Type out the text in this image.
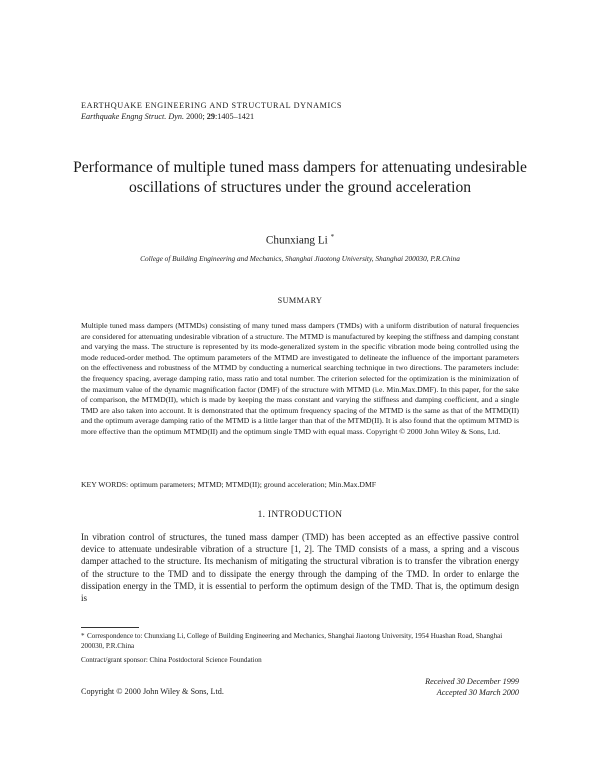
EARTHQUAKE ENGINEERING AND STRUCTURAL DYNAMICS
Earthquake Engng Struct. Dyn. 2000; 29:1405–1421
Performance of multiple tuned mass dampers for attenuating undesirable oscillations of structures under the ground acceleration
Chunxiang Li *
College of Building Engineering and Mechanics, Shanghai Jiaotong University, Shanghai 200030, P.R.China
SUMMARY

Multiple tuned mass dampers (MTMDs) consisting of many tuned mass dampers (TMDs) with a uniform distribution of natural frequencies are considered for attenuating undesirable vibration of a structure. The MTMD is manufactured by keeping the stiffness and damping constant and varying the mass. The structure is represented by its mode-generalized system in the specific vibration mode being controlled using the mode reduced-order method. The optimum parameters of the MTMD are investigated to delineate the influence of the important parameters on the effectiveness and robustness of the MTMD by conducting a numerical searching technique in two directions. The parameters include: the frequency spacing, average damping ratio, mass ratio and total number. The criterion selected for the optimization is the minimization of the maximum value of the dynamic magnification factor (DMF) of the structure with MTMD (i.e. Min.Max.DMF). In this paper, for the sake of comparison, the MTMD(II), which is made by keeping the mass constant and varying the stiffness and damping coefficient, and a single TMD are also taken into account. It is demonstrated that the optimum frequency spacing of the MTMD is the same as that of the MTMD(II) and the optimum average damping ratio of the MTMD is a little larger than that of the MTMD(II). It is also found that the optimum MTMD is more effective than the optimum MTMD(II) and the optimum single TMD with equal mass. Copyright © 2000 John Wiley & Sons, Ltd.

KEY WORDS: optimum parameters; MTMD; MTMD(II); ground acceleration; Min.Max.DMF
1. INTRODUCTION

In vibration control of structures, the tuned mass damper (TMD) has been accepted as an effective passive control device to attenuate undesirable vibration of a structure [1, 2]. The TMD consists of a mass, a spring and a viscous damper attached to the structure. Its mechanism of mitigating the structural vibration is to transfer the vibration energy of the structure to the TMD and to dissipate the energy through the damping of the TMD. In order to enlarge the dissipation energy in the TMD, it is essential to perform the optimum design of the TMD. That is, the optimum design is

* Correspondence to: Chunxiang Li, College of Building Engineering and Mechanics, Shanghai Jiaotong University, 1954 Huashan Road, Shanghai 200030, P.R.China
Contract/grant sponsor: China Postdoctoral Science Foundation
Copyright © 2000 John Wiley & Sons, Ltd.
Received 30 December 1999
Accepted 30 March 2000
